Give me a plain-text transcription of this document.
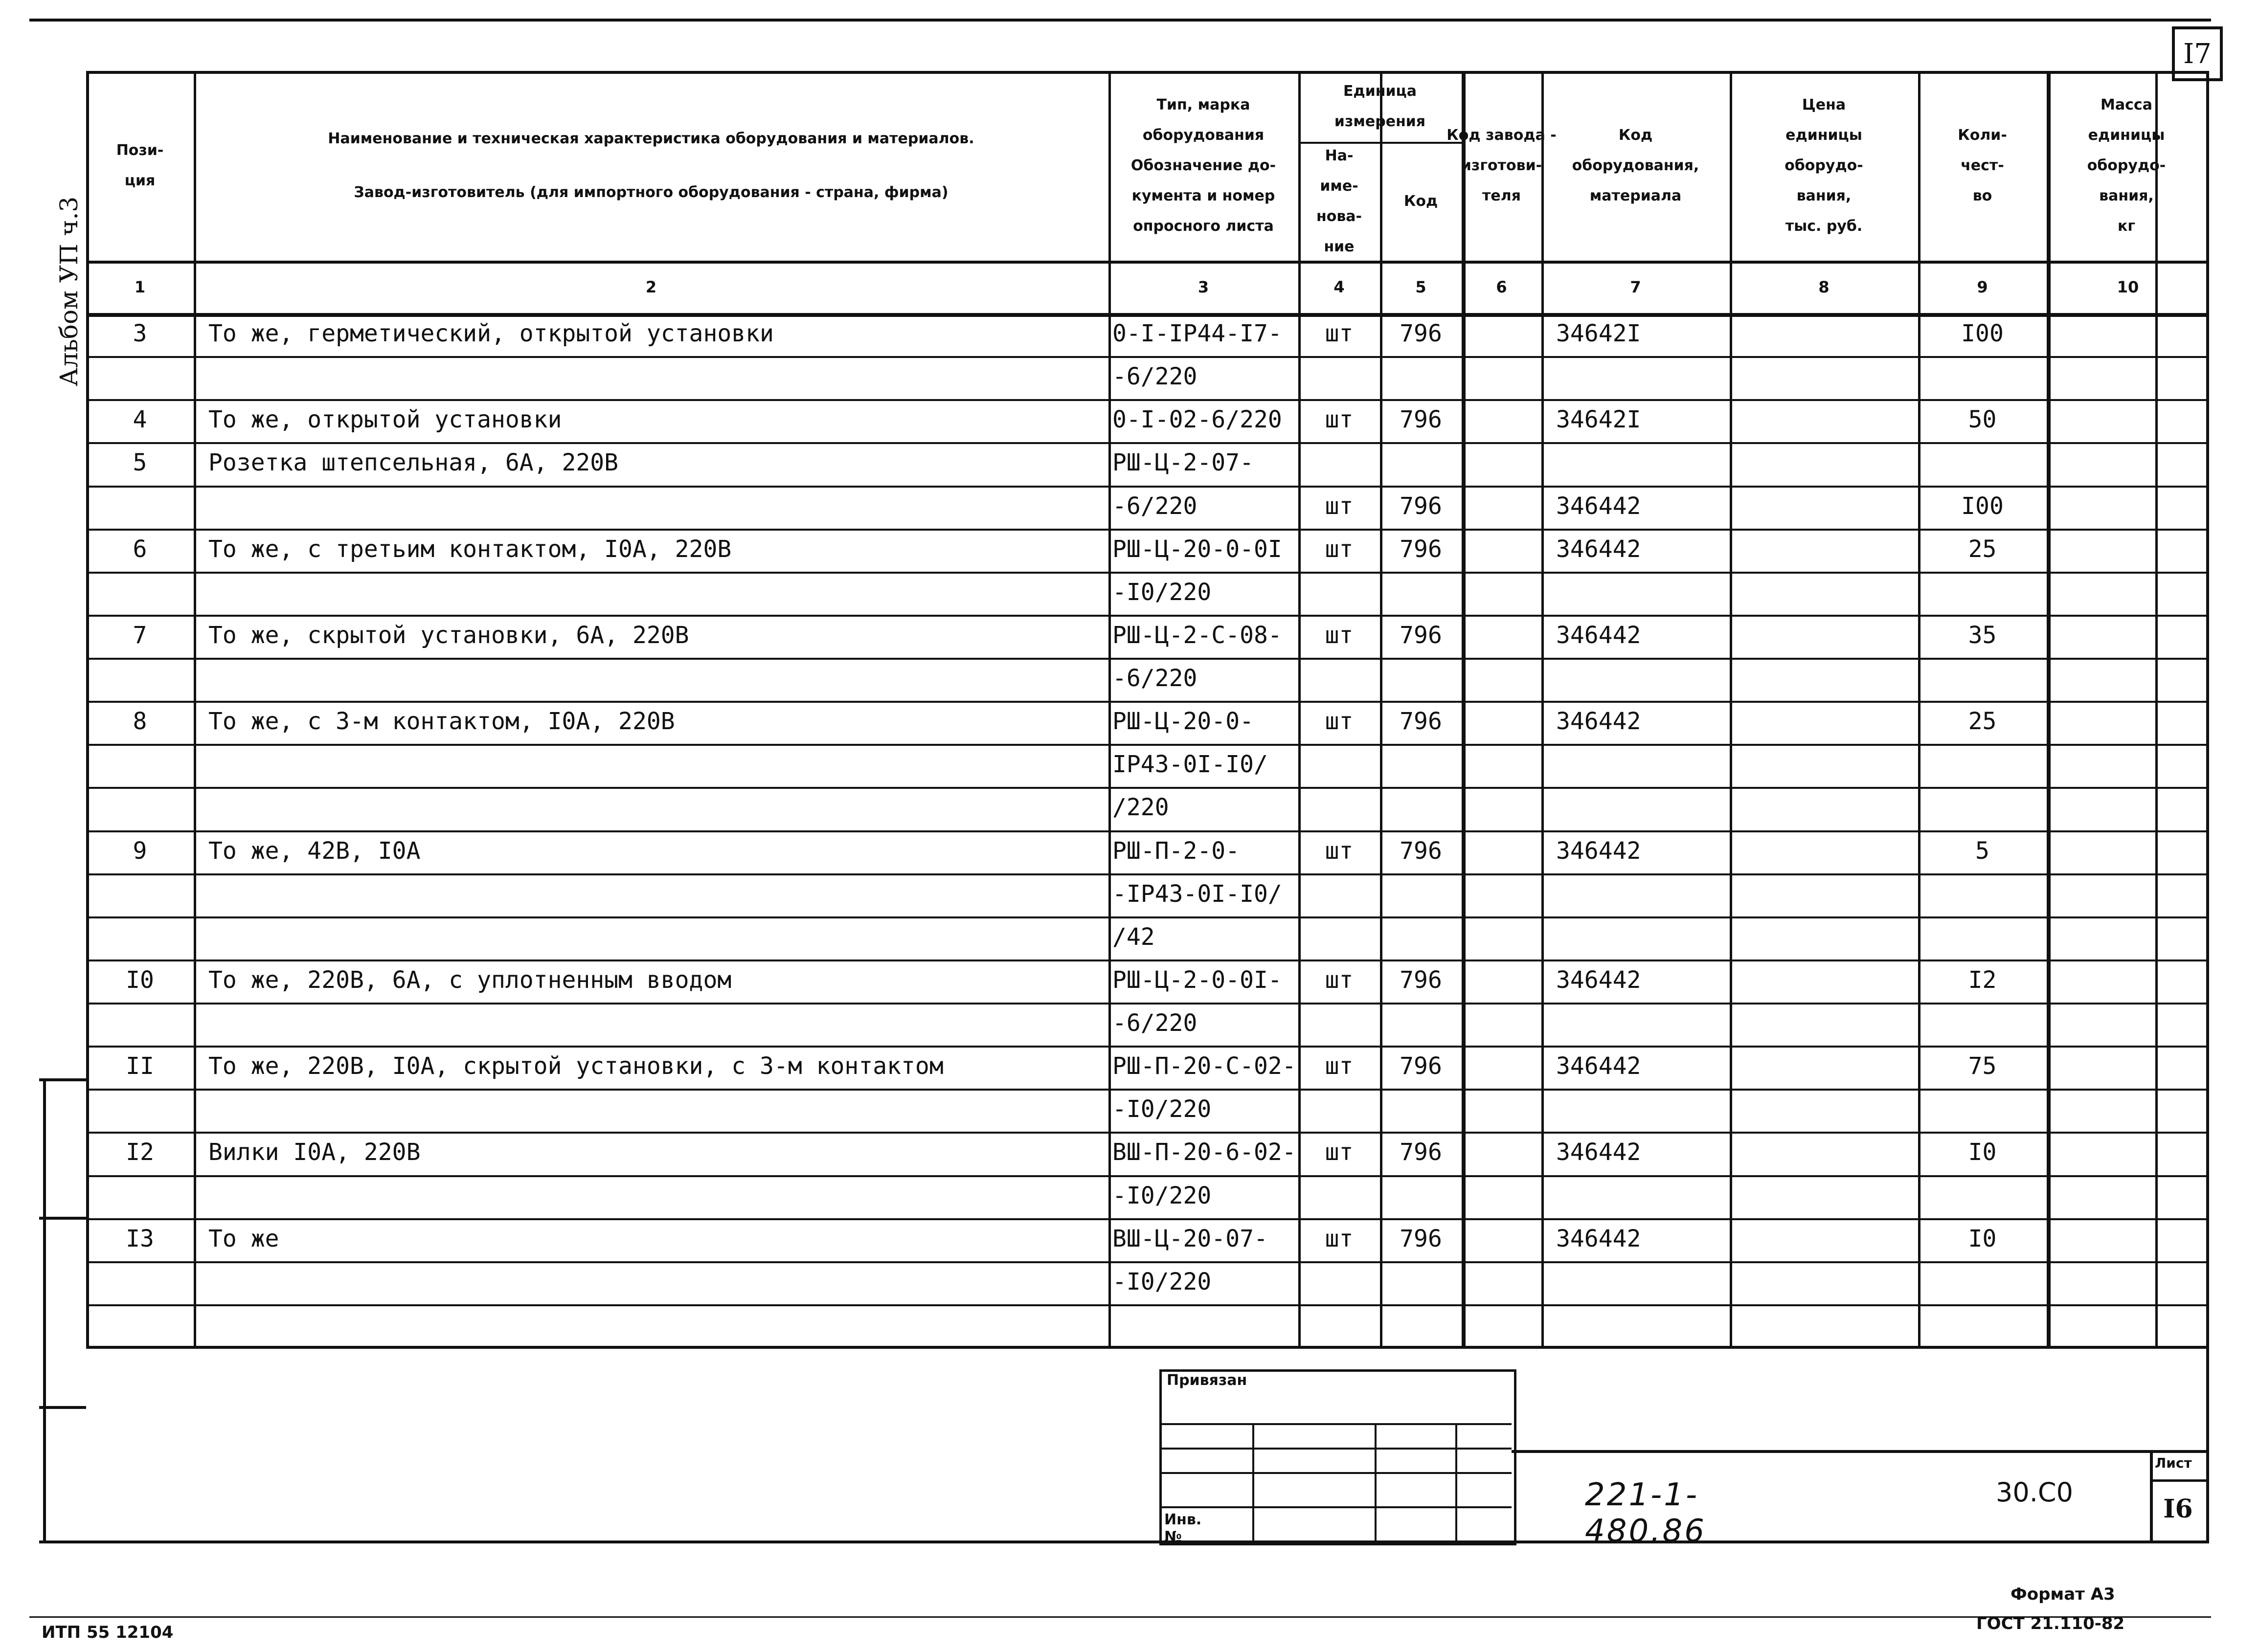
I7
Альбом УП ч.3
Пози-
ция
Наименование и техническая характеристика оборудования и материалов.
Завод-изготовитель (для импортного оборудования - страна, фирма)
Тип, марка
оборудования
Обозначение до-
кумента и номер
опросного листа
Единица
измерения
На-
име-
нова-
ние
Код
Код завода -
изготови-
теля
Код
оборудования,
материала
Цена
единицы
оборудо-
вания,
тыс. руб.
Коли-
чест-
во
Масса
единицы
оборудо-
вания,
кг
1	2	3	4	5	6	7	8	9	10
3	То же, герметический, открытой установки	0-I-IP44-I7-	шт	796	34642I	I00
-6/220
4	То же, открытой установки	0-I-02-6/220	шт	796	34642I	50
5	Розетка штепсельная, 6А, 220В	РШ-Ц-2-07-
-6/220	шт	796	346442	I00
6	То же, с третьим контактом, I0А, 220В	РШ-Ц-20-0-0I	шт	796	346442	25
-I0/220
7	То же, скрытой установки, 6А, 220В	РШ-Ц-2-С-08-	шт	796	346442	35
-6/220
8	То же, с 3-м контактом, I0А, 220В	РШ-Ц-20-0-	шт	796	346442	25
IP43-0I-I0/
/220
9	То же, 42В, I0А	РШ-П-2-0-	шт	796	346442	5
-IP43-0I-I0/
/42
I0	То же, 220В, 6А, с уплотненным вводом	РШ-Ц-2-0-0I-	шт	796	346442	I2
-6/220
II	То же, 220В, I0А, скрытой установки, с 3-м контактом	РШ-П-20-С-02-	шт	796	346442	75
-I0/220
I2	Вилки I0А, 220В	ВШ-П-20-6-02-	шт	796	346442	I0
-I0/220
I3	То же	ВШ-Ц-20-07-	шт	796	346442	I0
-I0/220
Привязан
Инв. №
221-1-480.86
30.С0
Лист
I6
Формат А3
ГОСТ 21.110-82
ИТП 55 12104
